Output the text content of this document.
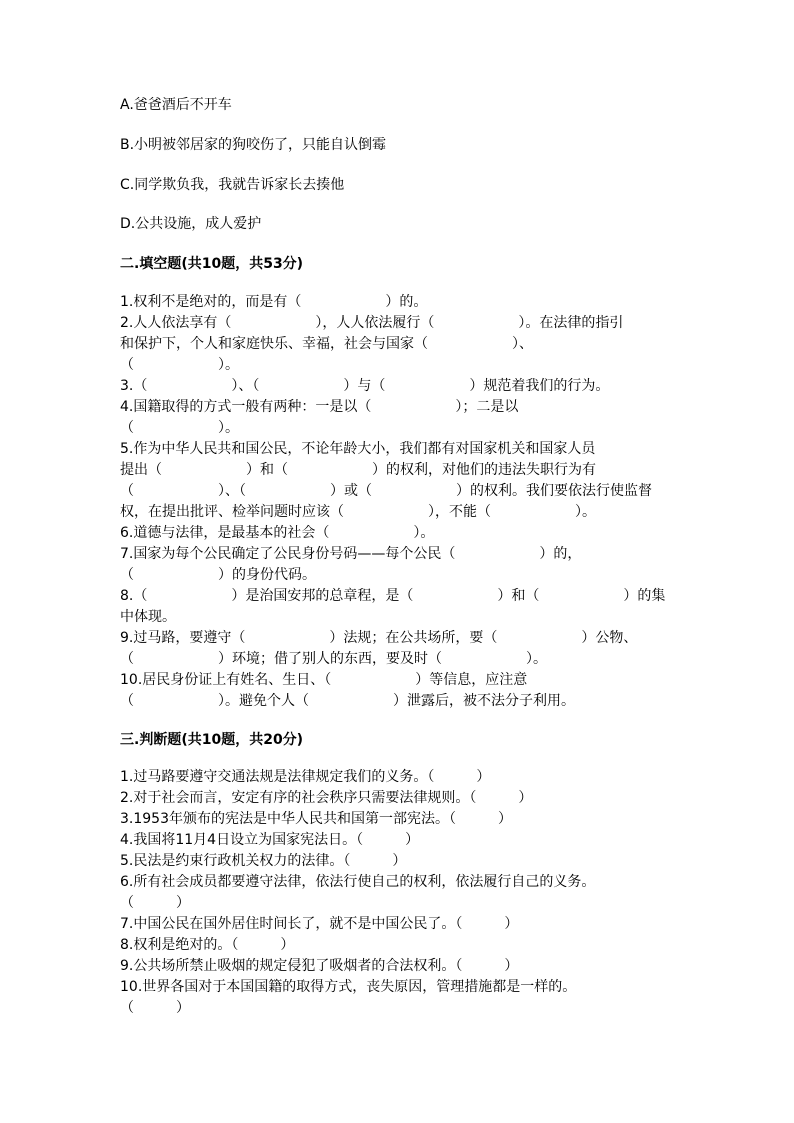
A.爸爸酒后不开车
B.小明被邻居家的狗咬伤了，只能自认倒霉
C.同学欺负我，我就告诉家长去揍他
D.公共设施，成人爱护
二.填空题(共10题，共53分)
1.权利不是绝对的，而是有（　　　　　　）的。
2.人人依法享有（　　　　　　），人人依法履行（　　　　　　）。在法律的指引
和保护下，个人和家庭快乐、幸福，社会与国家（　　　　　　）、
（　　　　　　）。
3.（　　　　　　）、（　　　　　　）与（　　　　　　）规范着我们的行为。
4.国籍取得的方式一般有两种：一是以（　　　　　　）；二是以
（　　　　　　）。
5.作为中华人民共和国公民，不论年龄大小，我们都有对国家机关和国家人员
提出（　　　　　　）和（　　　　　　）的权利，对他们的违法失职行为有
（　　　　　　）、（　　　　　　）或（　　　　　　）的权利。我们要依法行使监督
权，在提出批评、检举问题时应该（　　　　　　），不能（　　　　　　）。
6.道德与法律，是最基本的社会（　　　　　　）。
7.国家为每个公民确定了公民身份号码——每个公民（　　　　　　）的，
（　　　　　　）的身份代码。
8.（　　　　　　）是治国安邦的总章程，是（　　　　　　）和（　　　　　　）的集
中体现。
9.过马路，要遵守（　　　　　　）法规；在公共场所，要（　　　　　　）公物、
（　　　　　　）环境；借了别人的东西，要及时（　　　　　　）。
10.居民身份证上有姓名、生日、（　　　　　　）等信息，应注意
（　　　　　　）。避免个人（　　　　　　）泄露后，被不法分子利用。
三.判断题(共10题，共20分)
1.过马路要遵守交通法规是法律规定我们的义务。（　　　）
2.对于社会而言，安定有序的社会秩序只需要法律规则。（　　　）
3.1953年颁布的宪法是中华人民共和国第一部宪法。（　　　）
4.我国将11月4日设立为国家宪法日。（　　　）
5.民法是约束行政机关权力的法律。（　　　）
6.所有社会成员都要遵守法律，依法行使自己的权利，依法履行自己的义务。
（　　　）
7.中国公民在国外居住时间长了，就不是中国公民了。（　　　）
8.权利是绝对的。（　　　）
9.公共场所禁止吸烟的规定侵犯了吸烟者的合法权利。（　　　）
10.世界各国对于本国国籍的取得方式，丧失原因，管理措施都是一样的。
（　　　）
